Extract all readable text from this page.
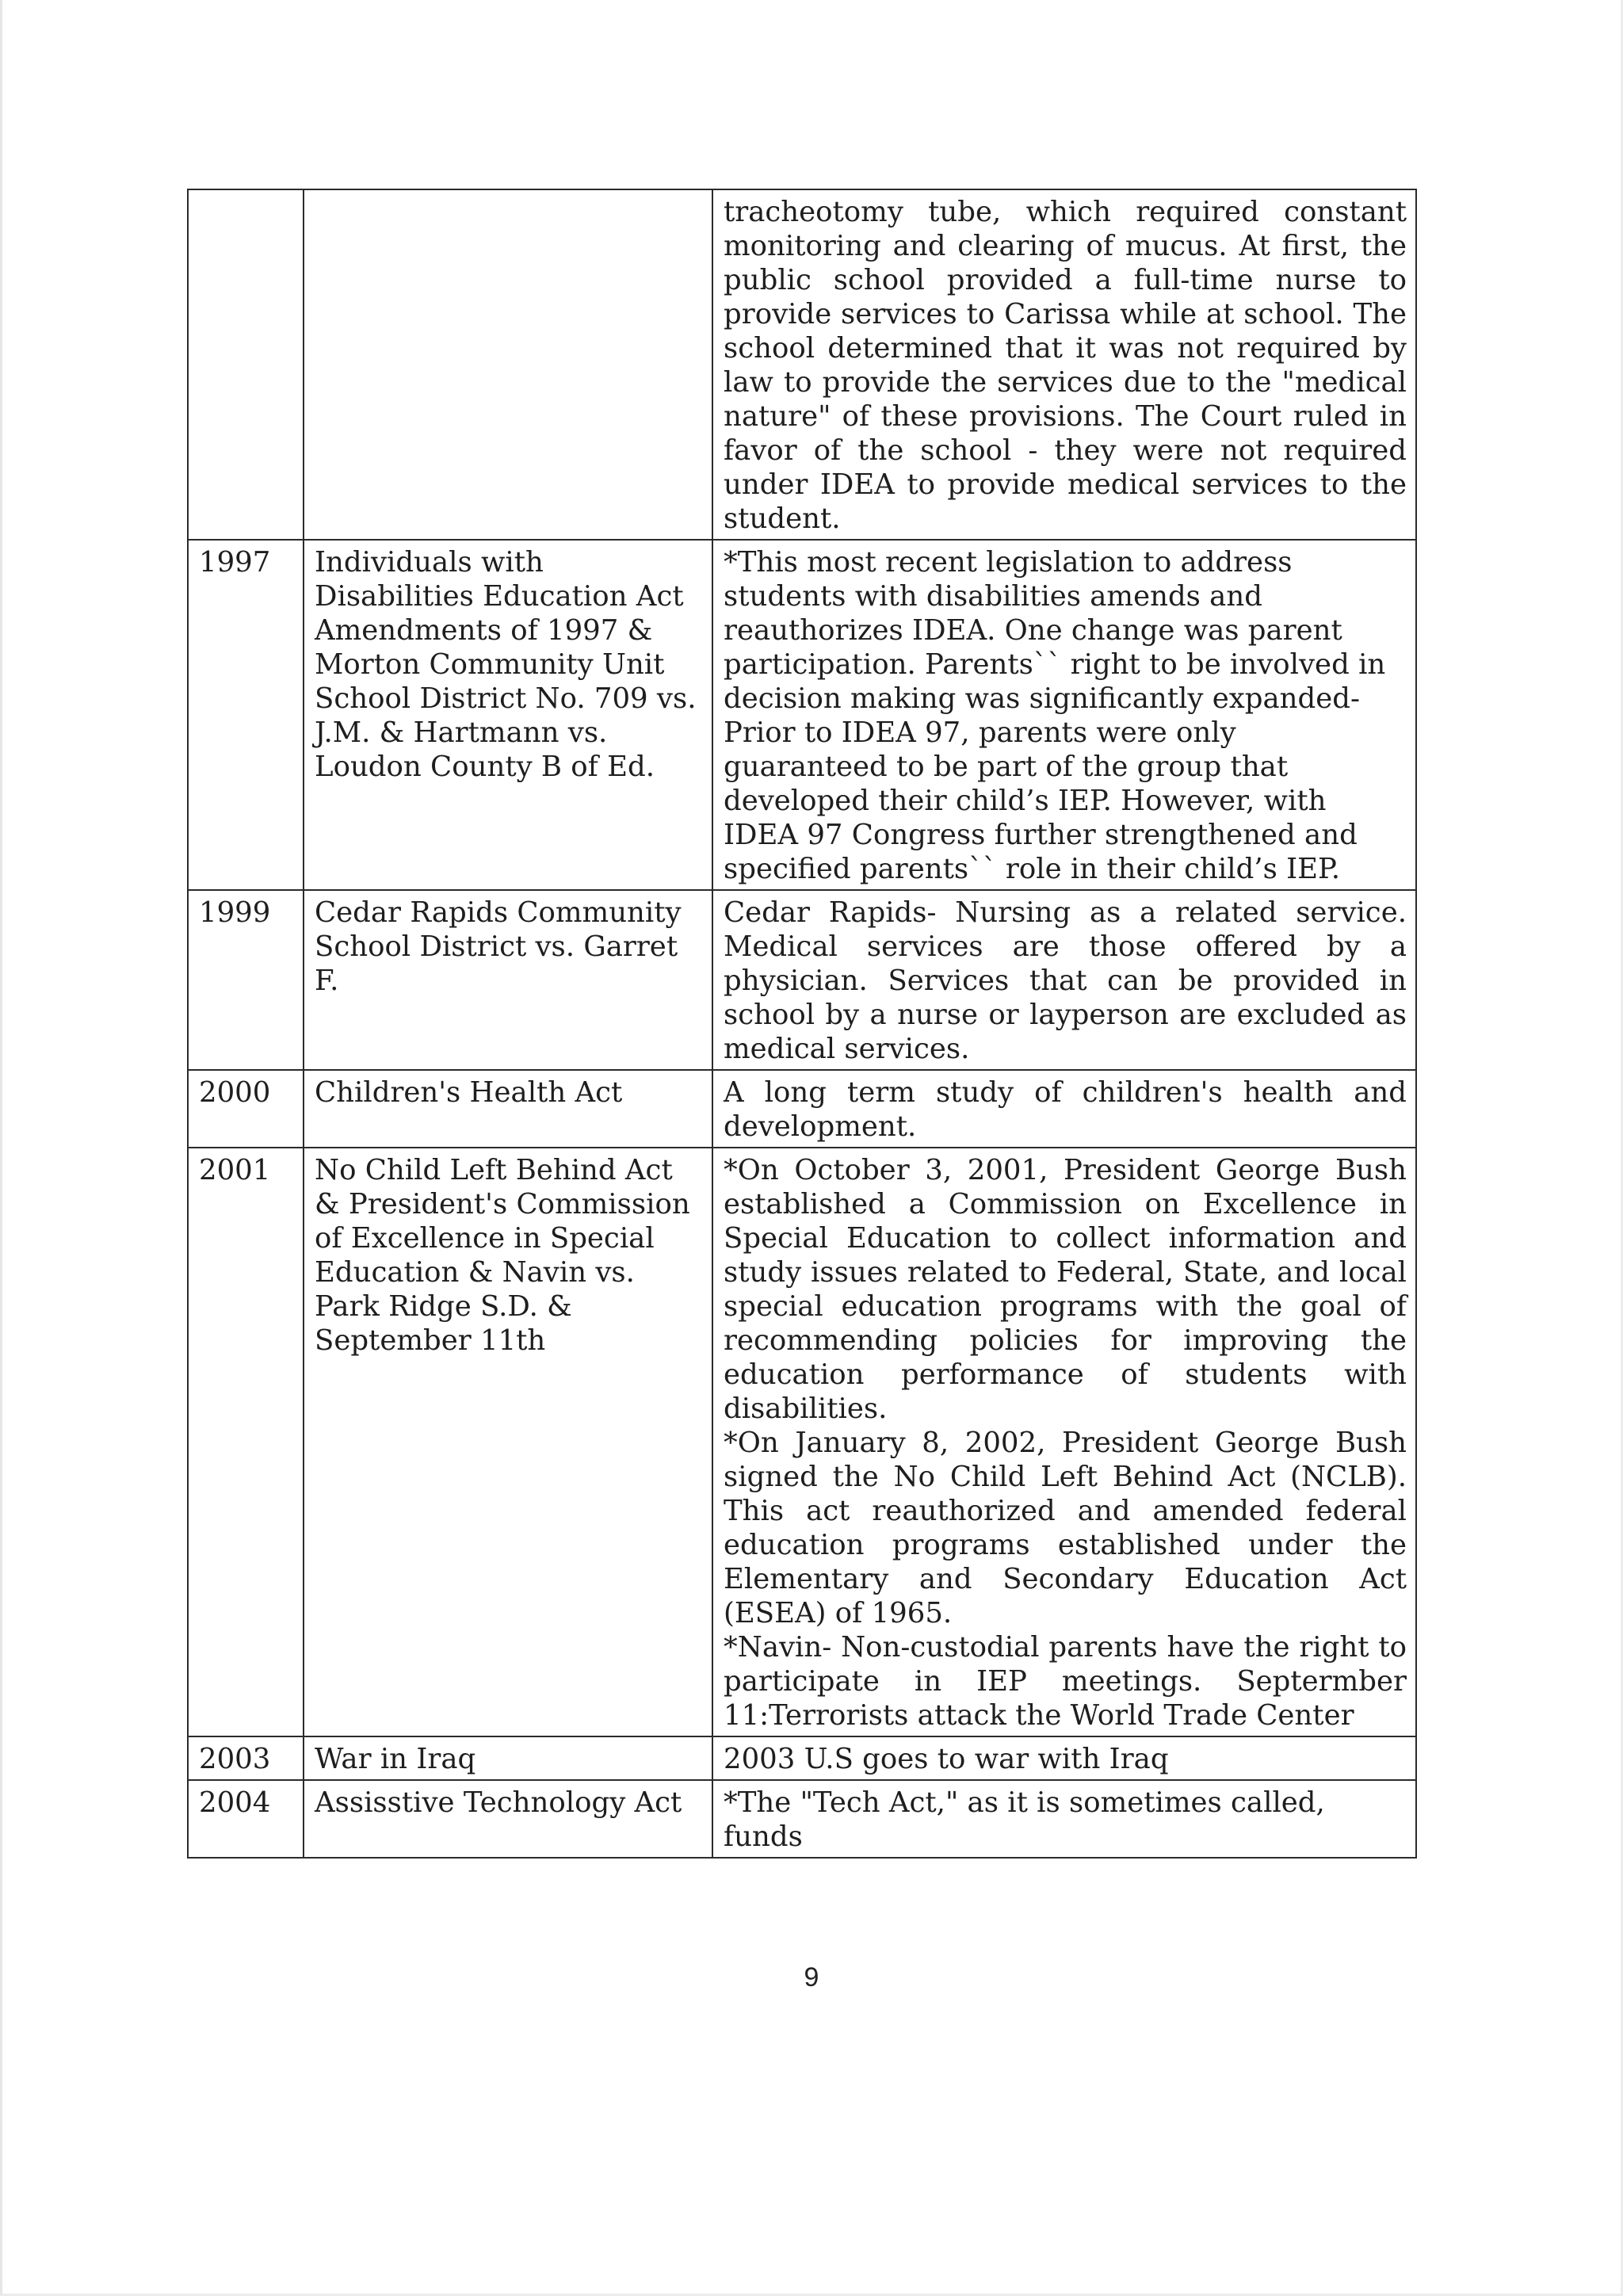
		tracheotomy tube, which required constant monitoring and clearing of mucus. At first, the public school provided a full-time nurse to provide services to Carissa while at school. The school determined that it was not required by law to provide the services due to the "medical nature" of these provisions. The Court ruled in favor of the school - they were not required under IDEA to provide medical services to the student.

1997	Individuals with Disabilities Education Act Amendments of 1997 & Morton Community Unit School District No. 709 vs. J.M. & Hartmann vs. Loudon County B of Ed.	*This most recent legislation to address students with disabilities amends and reauthorizes IDEA. One change was parent participation. Parents`` right to be involved in decision making was significantly expanded- Prior to IDEA 97, parents were only guaranteed to be part of the group that developed their child’s IEP. However, with IDEA 97 Congress further strengthened and specified parents`` role in their child’s IEP.

1999	Cedar Rapids Community School District vs. Garret F.	Cedar Rapids- Nursing as a related service. Medical services are those offered by a physician. Services that can be provided in school by a nurse or layperson are excluded as medical services.

2000	Children's Health Act	A long term study of children's health and development.

2001	No Child Left Behind Act & President's Commission of Excellence in Special Education & Navin vs. Park Ridge S.D. & September 11th	*On October 3, 2001, President George Bush established a Commission on Excellence in Special Education to collect information and study issues related to Federal, State, and local special education programs with the goal of recommending policies for improving the education performance of students with disabilities.
*On January 8, 2002, President George Bush signed the No Child Left Behind Act (NCLB). This act reauthorized and amended federal education programs established under the Elementary and Secondary Education Act (ESEA) of 1965.
*Navin- Non-custodial parents have the right to participate in IEP meetings. Septermber 11:Terrorists attack the World Trade Center

2003	War in Iraq	2003 U.S goes to war with Iraq

2004	Assisstive Technology Act	*The "Tech Act," as it is sometimes called, funds
9
